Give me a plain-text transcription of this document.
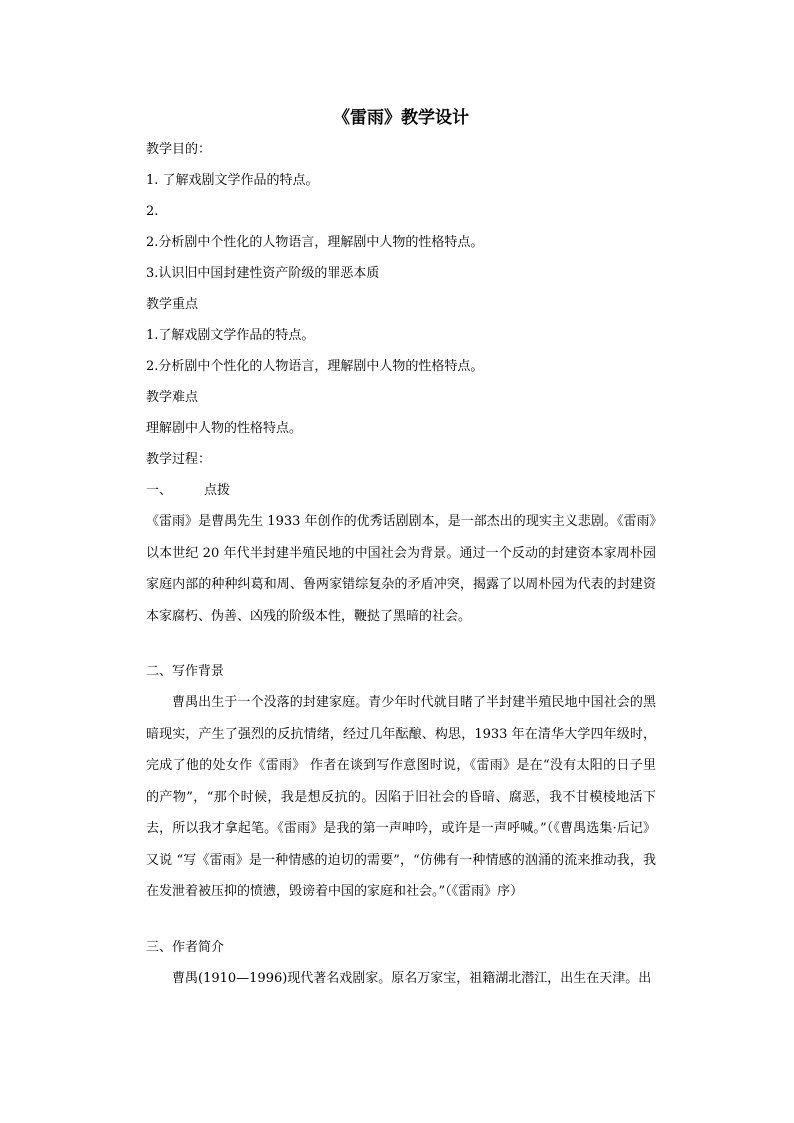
《雷雨》教学设计

教学目的：

1. 了解戏剧文学作品的特点。

2.

2.分析剧中个性化的人物语言，理解剧中人物的性格特点。

3.认识旧中国封建性资产阶级的罪恶本质

教学重点

1.了解戏剧文学作品的特点。

2.分析剧中个性化的人物语言，理解剧中人物的性格特点。

教学难点

理解剧中人物的性格特点。

教学过程：

一、 点拨

《雷雨》是曹禺先生 1933 年创作的优秀话剧剧本，是一部杰出的现实主义悲剧。《雷雨》以本世纪 20 年代半封建半殖民地的中国社会为背景。通过一个反动的封建资本家周朴园家庭内部的种种纠葛和周、鲁两家错综复杂的矛盾冲突，揭露了以周朴园为代表的封建资本家腐朽、伪善、凶残的阶级本性，鞭挞了黑暗的社会。

二、写作背景

曹禺出生于一个没落的封建家庭。青少年时代就目睹了半封建半殖民地中国社会的黑暗现实，产生了强烈的反抗情绪，经过几年酝酿、构思，1933 年在清华大学四年级时，完成了他的处女作《雷雨》 作者在谈到写作意图时说，《雷雨》是在“没有太阳的日子里的产物”，“那个时候，我是想反抗的。因陷于旧社会的昏暗、腐恶，我不甘模棱地活下去，所以我才拿起笔。《雷雨》是我的第一声呻吟，或许是一声呼喊。”（《曹禺选集·后记》又说 “写《雷雨》是一种情感的迫切的需要”，“仿佛有一种情感的汹涌的流来推动我，我在发泄着被压抑的愤懑，毁谤着中国的家庭和社会。”（《雷雨》序）

三、作者简介

曹禺(1910—1996)现代著名戏剧家。原名万家宝，祖籍湖北潜江，出生在天津。出
